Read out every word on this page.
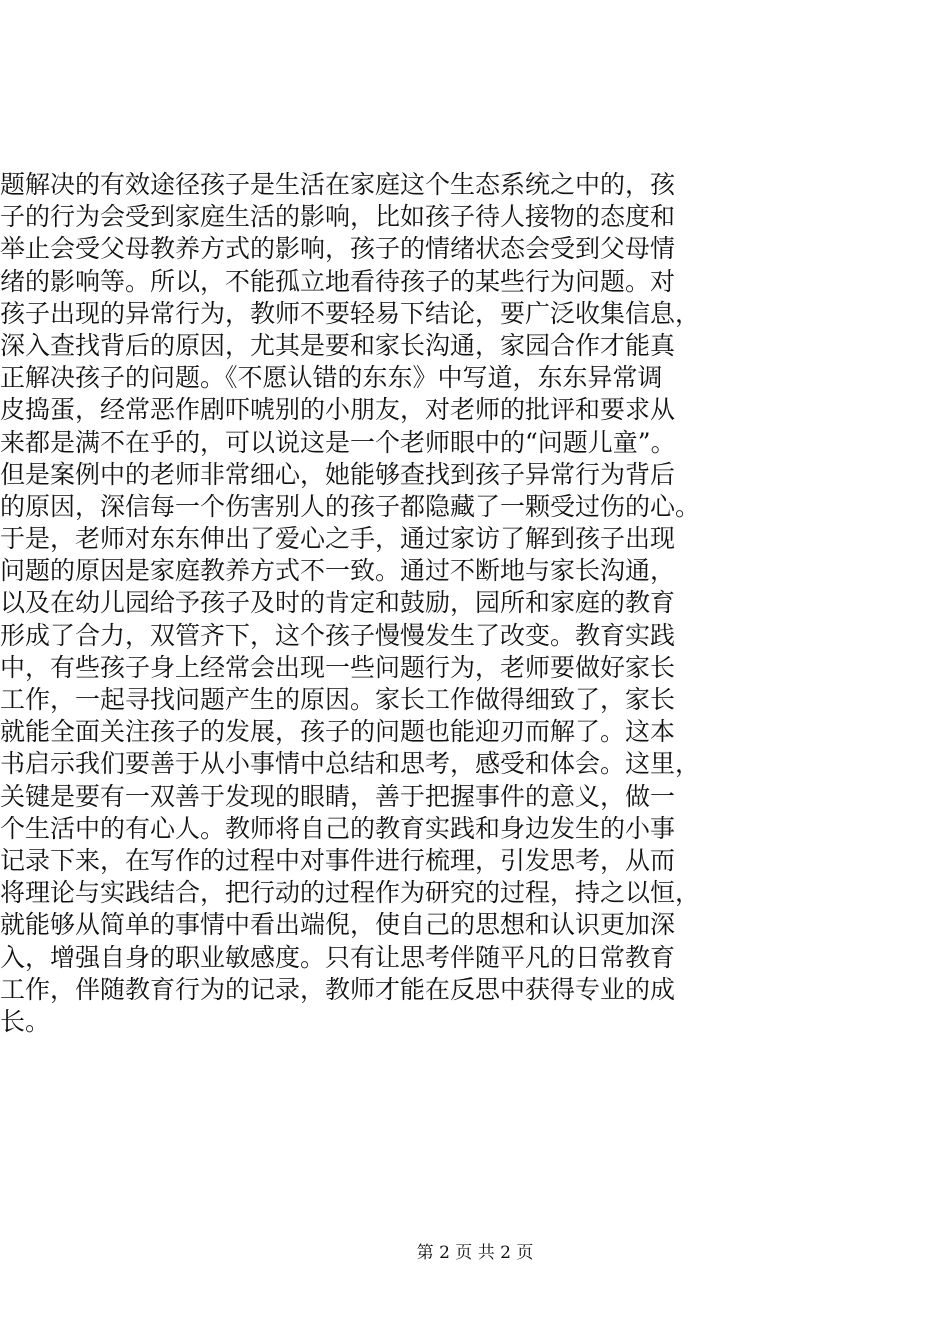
题解决的有效途径孩子是生活在家庭这个生态系统之中的，孩
子的行为会受到家庭生活的影响，比如孩子待人接物的态度和
举止会受父母教养方式的影响，孩子的情绪状态会受到父母情
绪的影响等。所以，不能孤立地看待孩子的某些行为问题。对
孩子出现的异常行为，教师不要轻易下结论，要广泛收集信息，
深入查找背后的原因，尤其是要和家长沟通，家园合作才能真
正解决孩子的问题。《不愿认错的东东》中写道，东东异常调
皮捣蛋，经常恶作剧吓唬别的小朋友，对老师的批评和要求从
来都是满不在乎的，可以说这是一个老师眼中的“问题儿童”。
但是案例中的老师非常细心，她能够查找到孩子异常行为背后
的原因，深信每一个伤害别人的孩子都隐藏了一颗受过伤的心。
于是，老师对东东伸出了爱心之手，通过家访了解到孩子出现
问题的原因是家庭教养方式不一致。通过不断地与家长沟通，
以及在幼儿园给予孩子及时的肯定和鼓励，园所和家庭的教育
形成了合力，双管齐下，这个孩子慢慢发生了改变。教育实践
中，有些孩子身上经常会出现一些问题行为，老师要做好家长
工作，一起寻找问题产生的原因。家长工作做得细致了，家长
就能全面关注孩子的发展，孩子的问题也能迎刃而解了。这本
书启示我们要善于从小事情中总结和思考，感受和体会。这里，
关键是要有一双善于发现的眼睛，善于把握事件的意义，做一
个生活中的有心人。教师将自己的教育实践和身边发生的小事
记录下来，在写作的过程中对事件进行梳理，引发思考，从而
将理论与实践结合，把行动的过程作为研究的过程，持之以恒，
就能够从简单的事情中看出端倪，使自己的思想和认识更加深
入，增强自身的职业敏感度。只有让思考伴随平凡的日常教育
工作，伴随教育行为的记录，教师才能在反思中获得专业的成
长。
第 2 页 共 2 页
